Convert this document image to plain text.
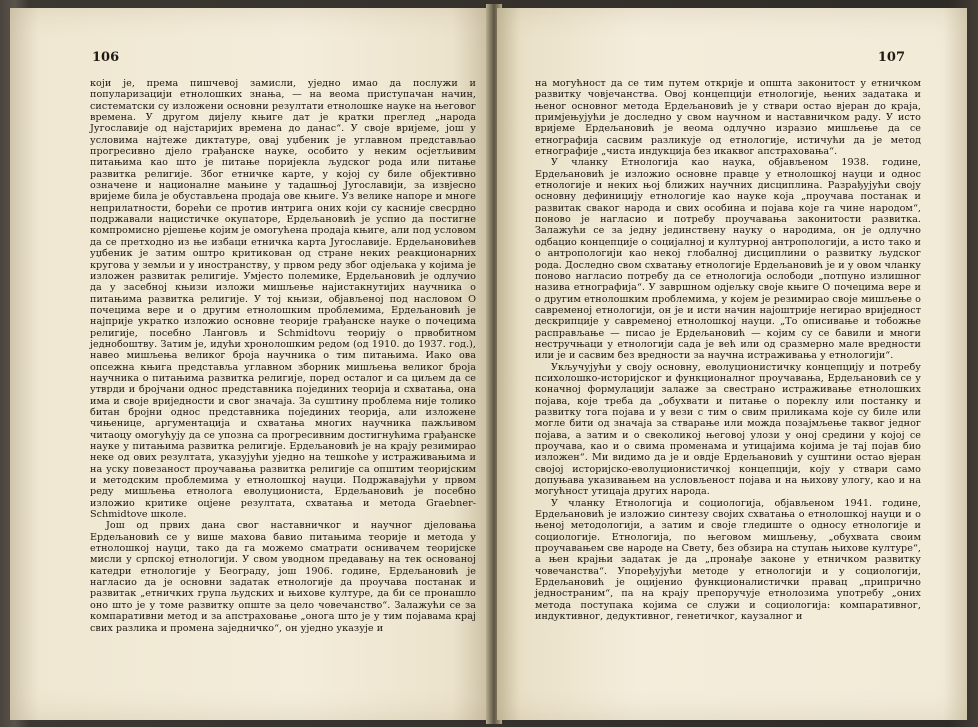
106

који је, према пишчевој замисли, уједно имао да послужи и популаризацији етнолошких знања, — на веома приступачан начин, систематски су изложени основни резултати етнолошке науке на његовог времена. У другом дијелу књиге дат је кратки преглед „народа Југославије од најстаријих времена до данас“. У своје вријеме, још у условима најтеже диктатуре, овај уџбеник је углавном представљао прогресивно дјело грађанске науке, особито у неким осјетљивим питањима као што је питање поријекла људског рода или питање развитка религије. Због етничке карте, у којој су биле објективно означене и националне мањине у тадашњој Југославији, за извјесно вријеме била је обустављена продаја ове књиге. Уз велике напоре и многе неприлатности, борећи се против интрига оних који су касније свесрдно подржавали нацистичке окупаторе, Ердељановић је успио да постигне компромисно рјешење којим је омогућена продаја књиге, али под условом да се претходно из ње избаци етничка карта Југославије. Ердељановићев уџбеник је затим оштро критикован од стране неких реакционарних кругова у земљи и у иностранству, у првом реду због одјељака у којима је изложен развитак религије. Умјесто полемике, Ердељановић је одлучио да у засебној књизи изложи мишљење најистакнутијих научника о питањима развитка религије. У тој књизи, објављеној под насловом О почецима вере и о другим етнолошким проблемима, Ердељановић је најприје укратко изложио основне теорије грађанске науке о почецима религије, посебно Ланговљ и Schmidtovu теорију о првобитном једнобоштву. Затим је, идући хронолошким редом (од 1910. до 1937. год.), навео мишљења великог броја научника о тим питањима. Иако ова опсежна књига представља углавном зборник мишљења великог броја научника о питањима развитка религије, поред осталог и са циљем да се утврди и бројчани однос представника појединих теорија и схватања, она има и своје вриједности и свог значаја. За суштину проблема није толико битан бројни однос представника појединих теорија, али изложене чињенице, аргументација и схватања многих научника пажљивом читаоцу омогућују да се упозна са прогресивним достигнућима грађанске науке у питањима развитка религије. Ердељановић је на крају резимирао неке од ових резултата, указујући уједно на тешкоће у истраживањима и на уску повезаност проучавања развитка религије са општим теоријским и методским проблемима у етнолошкој науци. Подржавајући у првом реду мишљења етнолога еволуциониста, Ердељановић је посебно изложио критике оцјене резултата, схватања и метода Graebner-Schmidtove школе.

Још од првих дана свог наставничког и научног дјеловања Ердељановић се у више махова бавио питањима теорије и метода у етнолошкој науци, тако да га можемо сматрати оснивачем теоријске мисли у српској етнологији. У свом уводном предавању на тек основаној катедри етнологије у Београду, још 1906. године, Ердељановић је нагласио да је основни задатак етнологије да проучава постанак и развитак „етничких група људских и њихове културе, да би се пронашло оно што је у томе развитку опште за цело човечанство“. Залажући се за компаративни метод и за апстраховање „онога што је у тим појавама крај свих разлика и промена заједничко“, он уједно указује и

107

на могућност да се тим путем открије и општа законитост у етничком развитку човјечанства. Овој концепцији етнологије, њених задатака и њеног основног метода Ердељановић је у ствари остао вјеран до краја, примјењујући је доследно у свом научном и наставничком раду. У исто вријеме Ердељановић је веома одлучно изразио мишљење да се етнографија сасвим разликује од етнологије, истичући да је метод етнографије „чиста индукција без икаквог апстраховања“.

У чланку Етнологија као наука, објављеном 1938. године, Ердељановић је изложио основне правце у етнолошкој науци и однос етнологије и неких њој ближих научних дисциплина. Разрађујући своју основну дефиницију етнологије као науке која „проучава постанак и развитак сваког народа и свих особина и појава које га чине народом“, поново је нагласио и потребу проучавања законитости развитка. Залажући се за једну јединствену науку о народима, он је одлучно одбацио концепције о социјалној и културној антропологији, а исто тако и о антропологији као некој глобалној дисциплини о развитку људског рода. Доследно свом схватању етнологије Ердељановић је и у овом чланку поново нагласио потребу да се етнологија ослободи „потпуно излишног назива етнографија“. У завршном одјељку своје књиге О почецима вере и о другим етнолошким проблемима, у којем је резимирао своје мишљење о савременој етнологији, он је и исти начин најоштрије негирао вриједност дескрипције у савременој етнолошкој науци. „То описивање и тобожње расправљање — писао је Ердељановић — којим су се бавили и многи нестручњаци у етнологији сада је већ или од сразмерно мале вредности или је и сасвим без вредности за научна истраживања у етнологији“.

Укључујући у своју основну, еволуционистичку концепцију и потребу психолошко-историјског и функционалног проучавања, Ердељановић се у коначној формулацији залаже за свестрано истраживање етнолошких појава, које треба да „обухвати и питање о пореклу или постанку и развитку тога појава и у вези с тим о свим приликама које су биле или могле бити од значаја за стварање или можда позајмљење таквог једног појава, а затим и о свеколикој његовој улози у оној средини у којој се проучава, као и о свима променама и утицајима којима је тај појав био изложен“. Ми видимо да је и овдје Ердељановић у суштини остао вјеран својој историјско-еволуционистичкој концепцији, коју у ствари само допуњава указивањем на условљеност појава и на њихову улогу, као и на могућност утицаја других народа.

У чланку Етнологија и социологија, објављеном 1941. године, Ердељановић је изложио синтезу својих схватања о етнолошкој науци и о њеној методологији, а затим и своје гледиште о односу етнологије и социологије. Етнологија, по његовом мишљењу, „обухвата своим проучавањем све народе на Свету, без обзира на ступањ њихове културе“, а њен крајњи задатак је да „пронађе законе у етничком развитку човечанства“. Упоређујући методе у етнологији и у социологији, Ердељановић је оцијенио функционалистички правац „припрично једностраним“, па на крају препоручује етнолозима употребу „оних метода поступака којима се служи и социологија: компаративног, индуктивног, дедуктивног, генетичког, каузалног и
